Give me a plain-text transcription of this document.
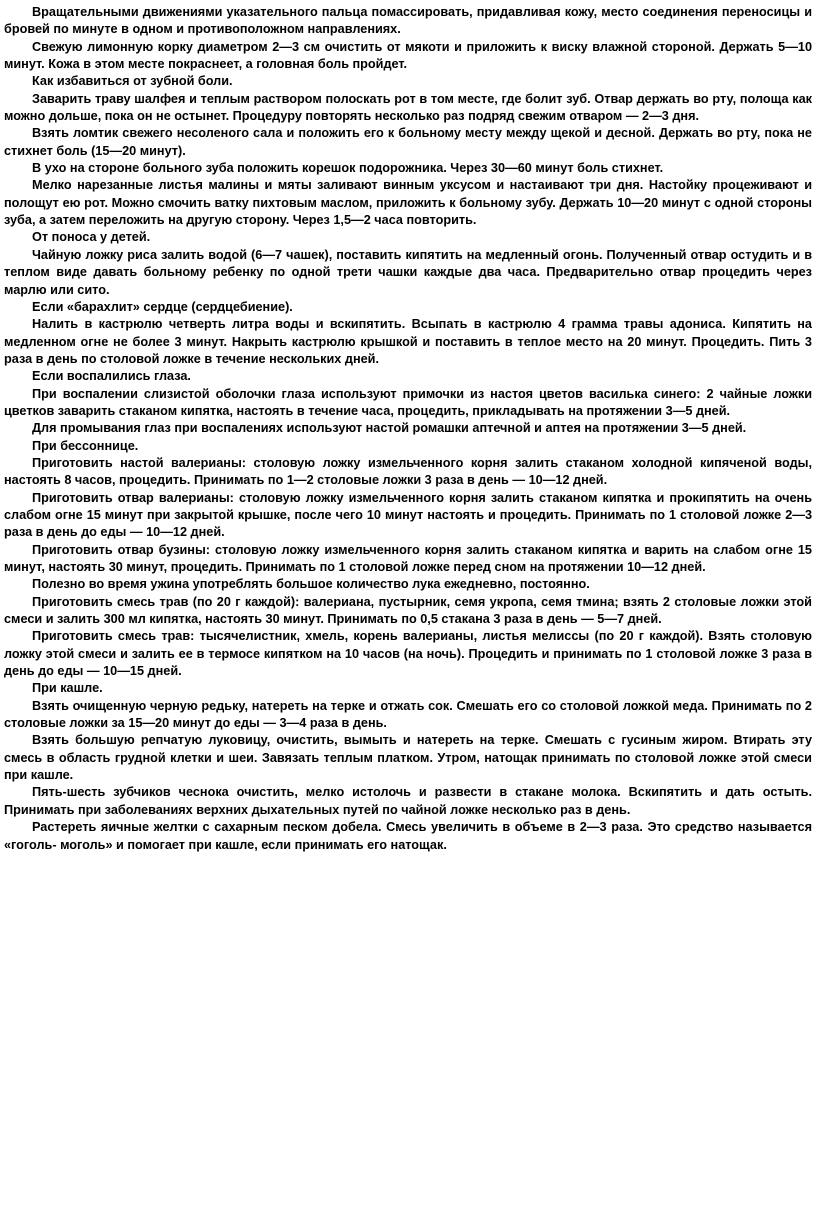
Вращательными движениями указательного пальца помассировать, придавливая кожу, место соединения переносицы и бровей по минуте в одном и противоположном направлениях.

Свежую лимонную корку диаметром 2—3 см очистить от мякоти и приложить к виску влажной стороной. Держать 5—10 минут. Кожа в этом месте покраснеет, а головная боль пройдет.

Как избавиться от зубной боли.

Заварить траву шалфея и теплым раствором полоскать рот в том месте, где болит зуб. Отвар держать во рту, полоща как можно дольше, пока он не остынет. Процедуру повторять несколько раз подряд свежим отваром — 2—3 дня.

Взять ломтик свежего несоленого сала и положить его к больному месту между щекой и десной. Держать во рту, пока не стихнет боль (15—20 минут).

В ухо на стороне больного зуба положить корешок подорожника. Через 30—60 минут боль стихнет.

Мелко нарезанные листья малины и мяты заливают винным уксусом и настаивают три дня. Настойку процеживают и полощут ею рот. Можно смочить ватку пихтовым маслом, приложить к больному зубу. Держать 10—20 минут с одной стороны зуба, а затем переложить на другую сторону. Через 1,5—2 часа повторить.

От поноса у детей.

Чайную ложку риса залить водой (6—7 чашек), поставить кипятить на медленный огонь. Полученный отвар остудить и в теплом виде давать больному ребенку по одной трети чашки каждые два часа. Предварительно отвар процедить через марлю или сито.

Если «барахлит» сердце (сердцебиение).

Налить в кастрюлю четверть литра воды и вскипятить. Всыпать в кастрюлю 4 грамма травы адониса. Кипятить на медленном огне не более 3 минут. Накрыть кастрюлю крышкой и поставить в теплое место на 20 минут. Процедить. Пить 3 раза в день по столовой ложке в течение нескольких дней.

Если воспалились глаза.

При воспалении слизистой оболочки глаза используют примочки из настоя цветов василька синего: 2 чайные ложки цветков заварить стаканом кипятка, настоять в течение часа, процедить, прикладывать на протяжении 3—5 дней.

Для промывания глаз при воспалениях используют настой ромашки аптечной и аптея на протяжении 3—5 дней.

При бессоннице.

Приготовить настой валерианы: столовую ложку измельченного корня залить стаканом холодной кипяченой воды, настоять 8 часов, процедить. Принимать по 1—2 столовые ложки 3 раза в день — 10—12 дней.

Приготовить отвар валерианы: столовую ложку измельченного корня залить стаканом кипятка и прокипятить на очень слабом огне 15 минут при закрытой крышке, после чего 10 минут настоять и процедить. Принимать по 1 столовой ложке 2—3 раза в день до еды — 10—12 дней.

Приготовить отвар бузины: столовую ложку измельченного корня залить стаканом кипятка и варить на слабом огне 15 минут, настоять 30 минут, процедить. Принимать по 1 столовой ложке перед сном на протяжении 10—12 дней.

Полезно во время ужина употреблять большое количество лука ежедневно, постоянно.

Приготовить смесь трав (по 20 г каждой): валериана, пустырник, семя укропа, семя тмина; взять 2 столовые ложки этой смеси и залить 300 мл кипятка, настоять 30 минут. Принимать по 0,5 стакана 3 раза в день — 5—7 дней.

Приготовить смесь трав: тысячелистник, хмель, корень валерианы, листья мелиссы (по 20 г каждой). Взять столовую ложку этой смеси и залить ее в термосе кипятком на 10 часов (на ночь). Процедить и принимать по 1 столовой ложке 3 раза в день до еды — 10—15 дней.

При кашле.

Взять очищенную черную редьку, натереть на терке и отжать сок. Смешать его со столовой ложкой меда. Принимать по 2 столовые ложки за 15—20 минут до еды — 3—4 раза в день.

Взять большую репчатую луковицу, очистить, вымыть и натереть на терке. Смешать с гусиным жиром. Втирать эту смесь в область грудной клетки и шеи. Завязать теплым платком. Утром, натощак принимать по столовой ложке этой смеси при кашле.

Пять-шесть зубчиков чеснока очистить, мелко истолочь и развести в стакане молока. Вскипятить и дать остыть. Принимать при заболеваниях верхних дыхательных путей по чайной ложке несколько раз в день.

Растереть яичные желтки с сахарным песком добела. Смесь увеличить в объеме в 2—3 раза. Это средство называется «гоголь- моголь» и помогает при кашле, если принимать его натощак.
